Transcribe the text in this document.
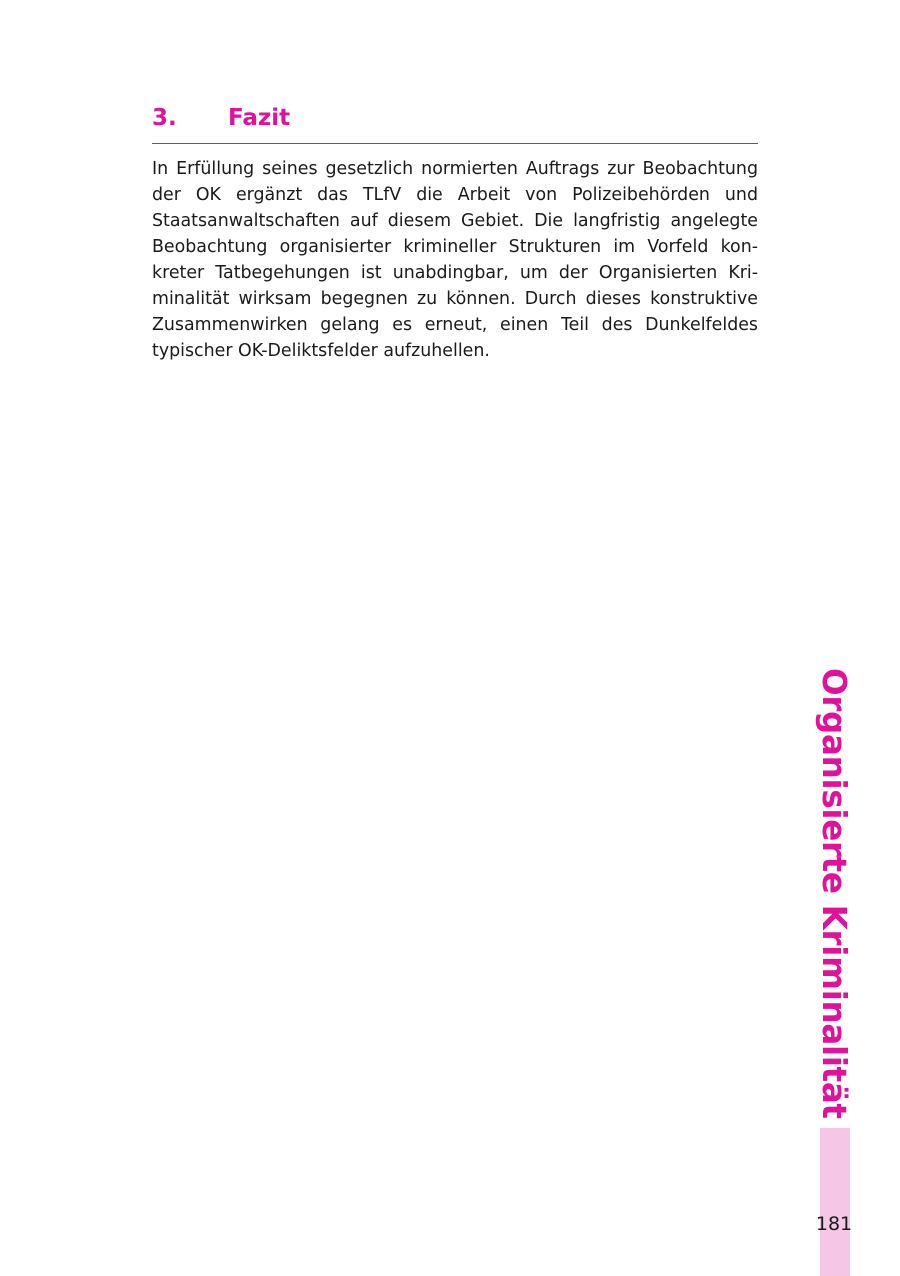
3. Fazit

In Erfüllung seines gesetzlich normierten Auftrags zur Beobachtung der OK ergänzt das TLfV die Arbeit von Polizeibehörden und Staatsanwaltschaften auf diesem Gebiet. Die langfristig angelegte Beobachtung organisierter krimineller Strukturen im Vorfeld konkreter Tatbegehungen ist unabdingbar, um der Organisierten Kriminalität wirksam begegnen zu können. Durch dieses konstruktive Zusammenwirken gelang es erneut, einen Teil des Dunkelfeldes typischer OK-Deliktsfelder aufzuhellen.

Organisierte Kriminalität
181
